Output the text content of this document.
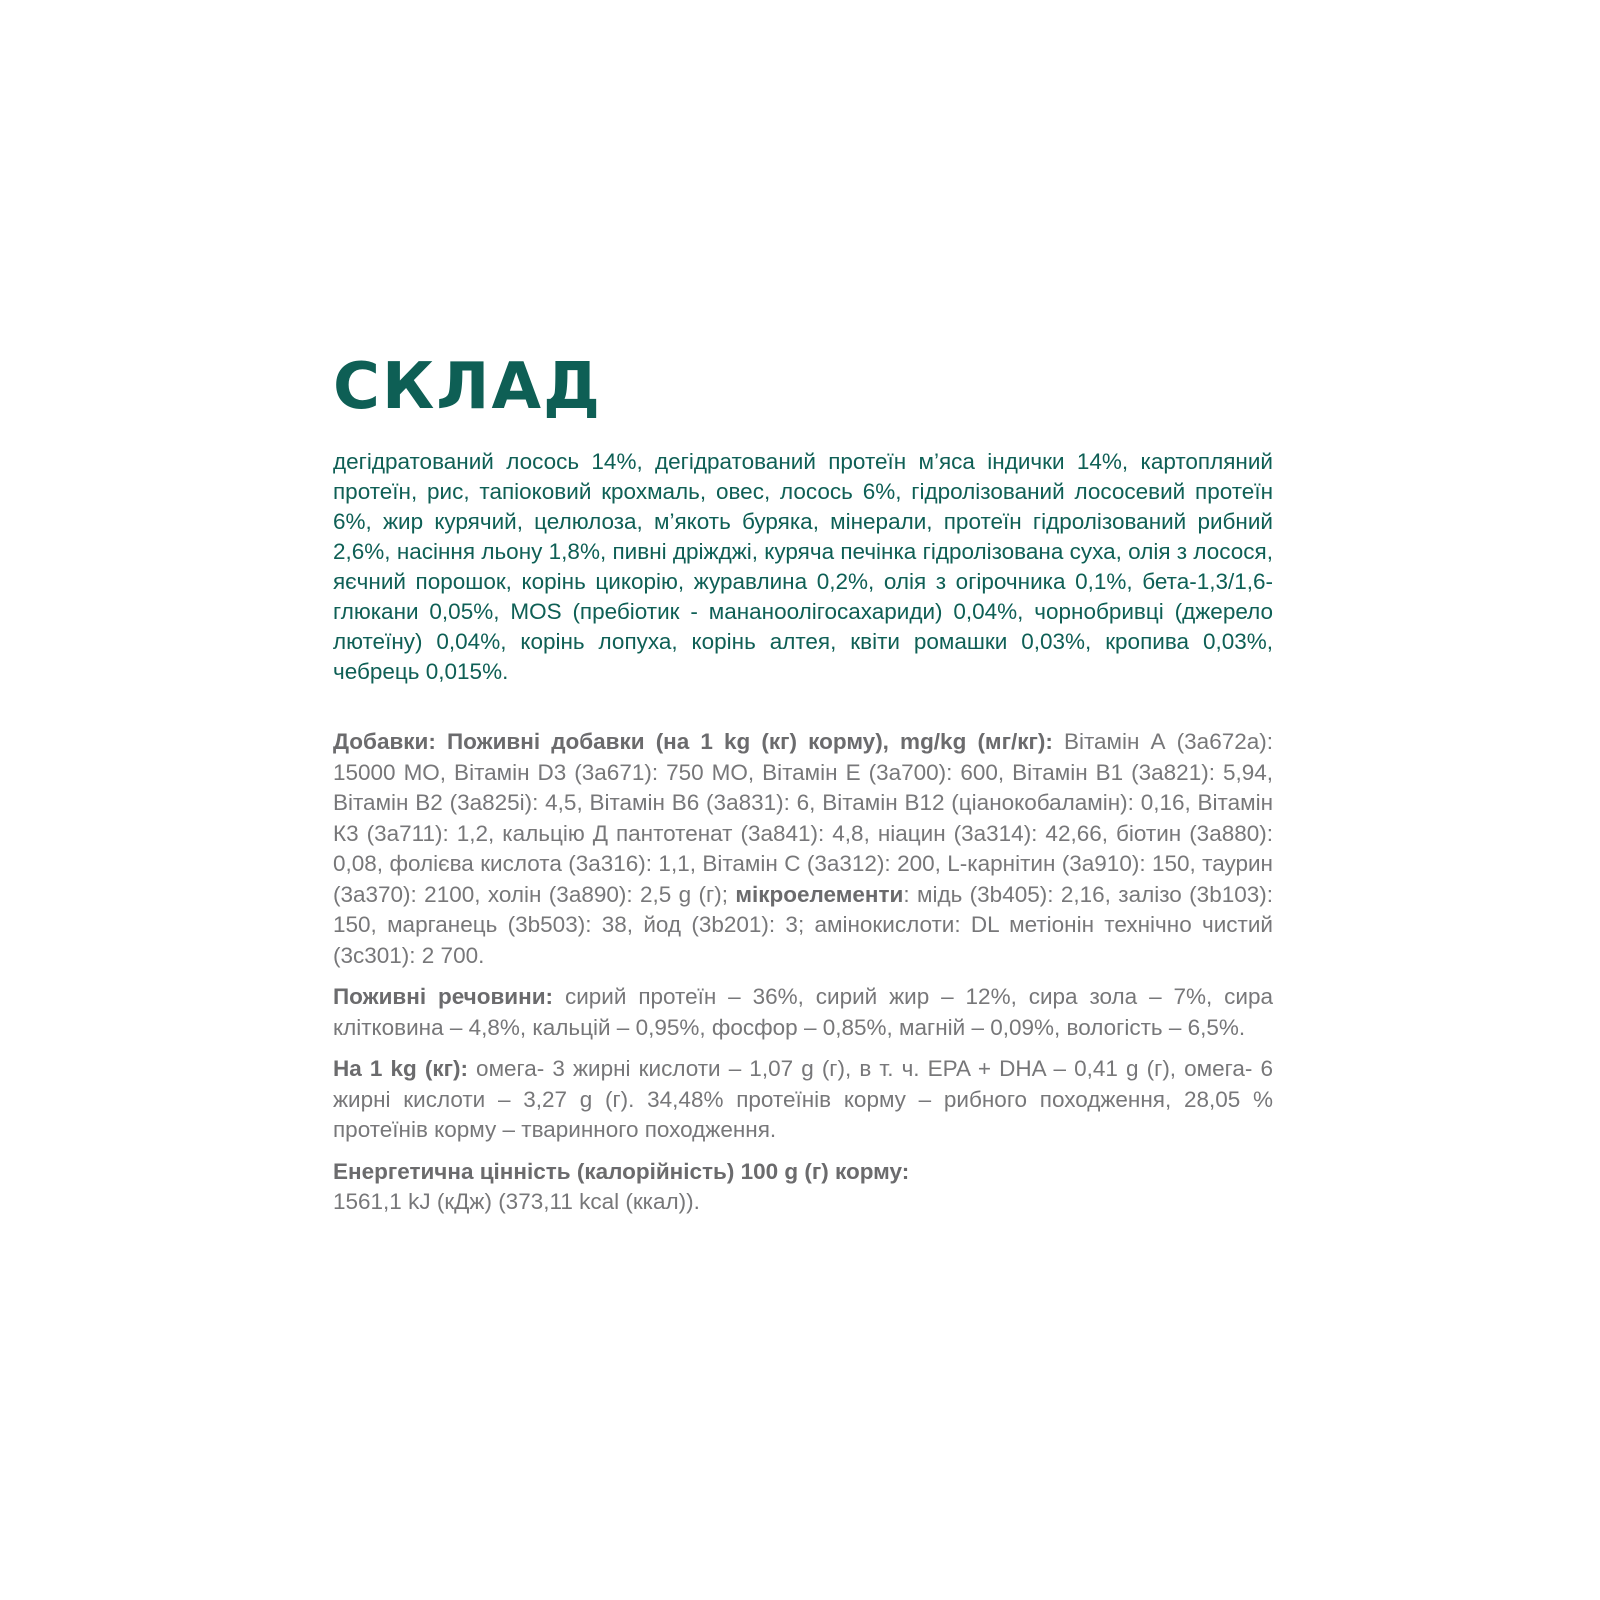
СКЛАД

дегідратований лосось 14%, дегідратований протеїн м’яса індички 14%, картопляний протеїн, рис, тапіоковий крохмаль, овес, лосось 6%, гідролізований лососевий протеїн 6%, жир курячий, целюлоза, м’якоть буряка, мінерали, протеїн гідролізований рибний 2,6%, насіння льону 1,8%, пивні дріжджі, куряча печінка гідролізована суха, олія з лосося, яєчний порошок, корінь цикорію, журавлина 0,2%, олія з огірочника 0,1%, бета-1,3/1,6-глюкани 0,05%, MOS (пребіотик - мананоолігосахариди) 0,04%, чорнобривці (джерело лютеїну) 0,04%, корінь лопуха, корінь алтея, квіти ромашки 0,03%, кропива 0,03%, чебрець 0,015%.

Добавки: Поживні добавки (на 1 kg (кг) корму), mg/kg (мг/кг): Вітамін А (3а672а): 15000 МО, Вітамін D3 (3а671): 750 МО, Вітамін Е (3а700): 600, Вітамін В1 (3а821): 5,94, Вітамін В2 (3а825і): 4,5, Вітамін В6 (3а831): 6, Вітамін В12 (ціанокобаламін): 0,16, Вітамін К3 (3а711): 1,2, кальцію Д пантотенат (3а841): 4,8, ніацин (3а314): 42,66, біотин (3а880): 0,08, фолієва кислота (3а316): 1,1, Вітамін С (3а312): 200, L-карнітин (3а910): 150, таурин (3а370): 2100, холін (3а890): 2,5 g (г); мікроелементи: мідь (3b405): 2,16, залізо (3b103): 150, марганець (3b503): 38, йод (3b201): 3; амінокислоти: DL метіонін технічно чистий (3с301): 2 700.

Поживні речовини: сирий протеїн – 36%, сирий жир – 12%, сира зола – 7%, сира клітковина – 4,8%, кальцій – 0,95%, фосфор – 0,85%, магній – 0,09%, вологість – 6,5%.

На 1 kg (кг): омега- 3 жирні кислоти – 1,07 g (г), в т. ч. EPA + DHA – 0,41 g (г), омега- 6 жирні кислоти – 3,27 g (г). 34,48% протеїнів корму – рибного походження, 28,05 % протеїнів корму – тваринного походження.

Енергетична цінність (калорійність) 100 g (г) корму:

1561,1 kJ (кДж) (373,11 kcal (ккал)).
